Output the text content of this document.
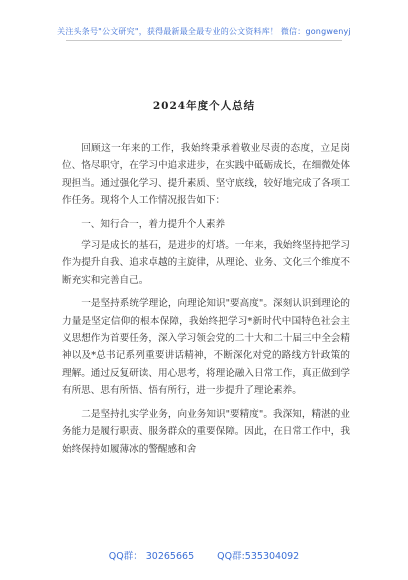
关注头条号"公文研究"，获得最新最全最专业的公文资料库！ 微信：gongwenyj
2024年度个人总结

回顾这一年来的工作，我始终秉承着敬业尽责的态度，立足岗位、恪尽职守，在学习中追求进步，在实践中砥砺成长，在细微处体现担当。通过强化学习、提升素质、坚守底线，较好地完成了各项工作任务。现将个人工作情况报告如下：

一、知行合一，着力提升个人素养

学习是成长的基石，是进步的灯塔。一年来，我始终坚持把学习作为提升自我、追求卓越的主旋律，从理论、业务、文化三个维度不断充实和完善自己。

一是坚持系统学理论，向理论知识"要高度"。深刻认识到理论的力量是坚定信仰的根本保障，我始终把学习*新时代中国特色社会主义思想作为首要任务，深入学习领会党的二十大和二十届三中全会精神以及*总书记系列重要讲话精神，不断深化对党的路线方针政策的理解。通过反复研读、用心思考，将理论融入日常工作，真正做到学有所思、思有所悟、悟有所行，进一步提升了理论素养。

二是坚持扎实学业务，向业务知识"要精度"。我深知，精湛的业务能力是履行职责、服务群众的重要保障。因此，在日常工作中，我始终保持如履薄冰的警醒感和舍

QQ群： 30265665 QQ群:535304092
